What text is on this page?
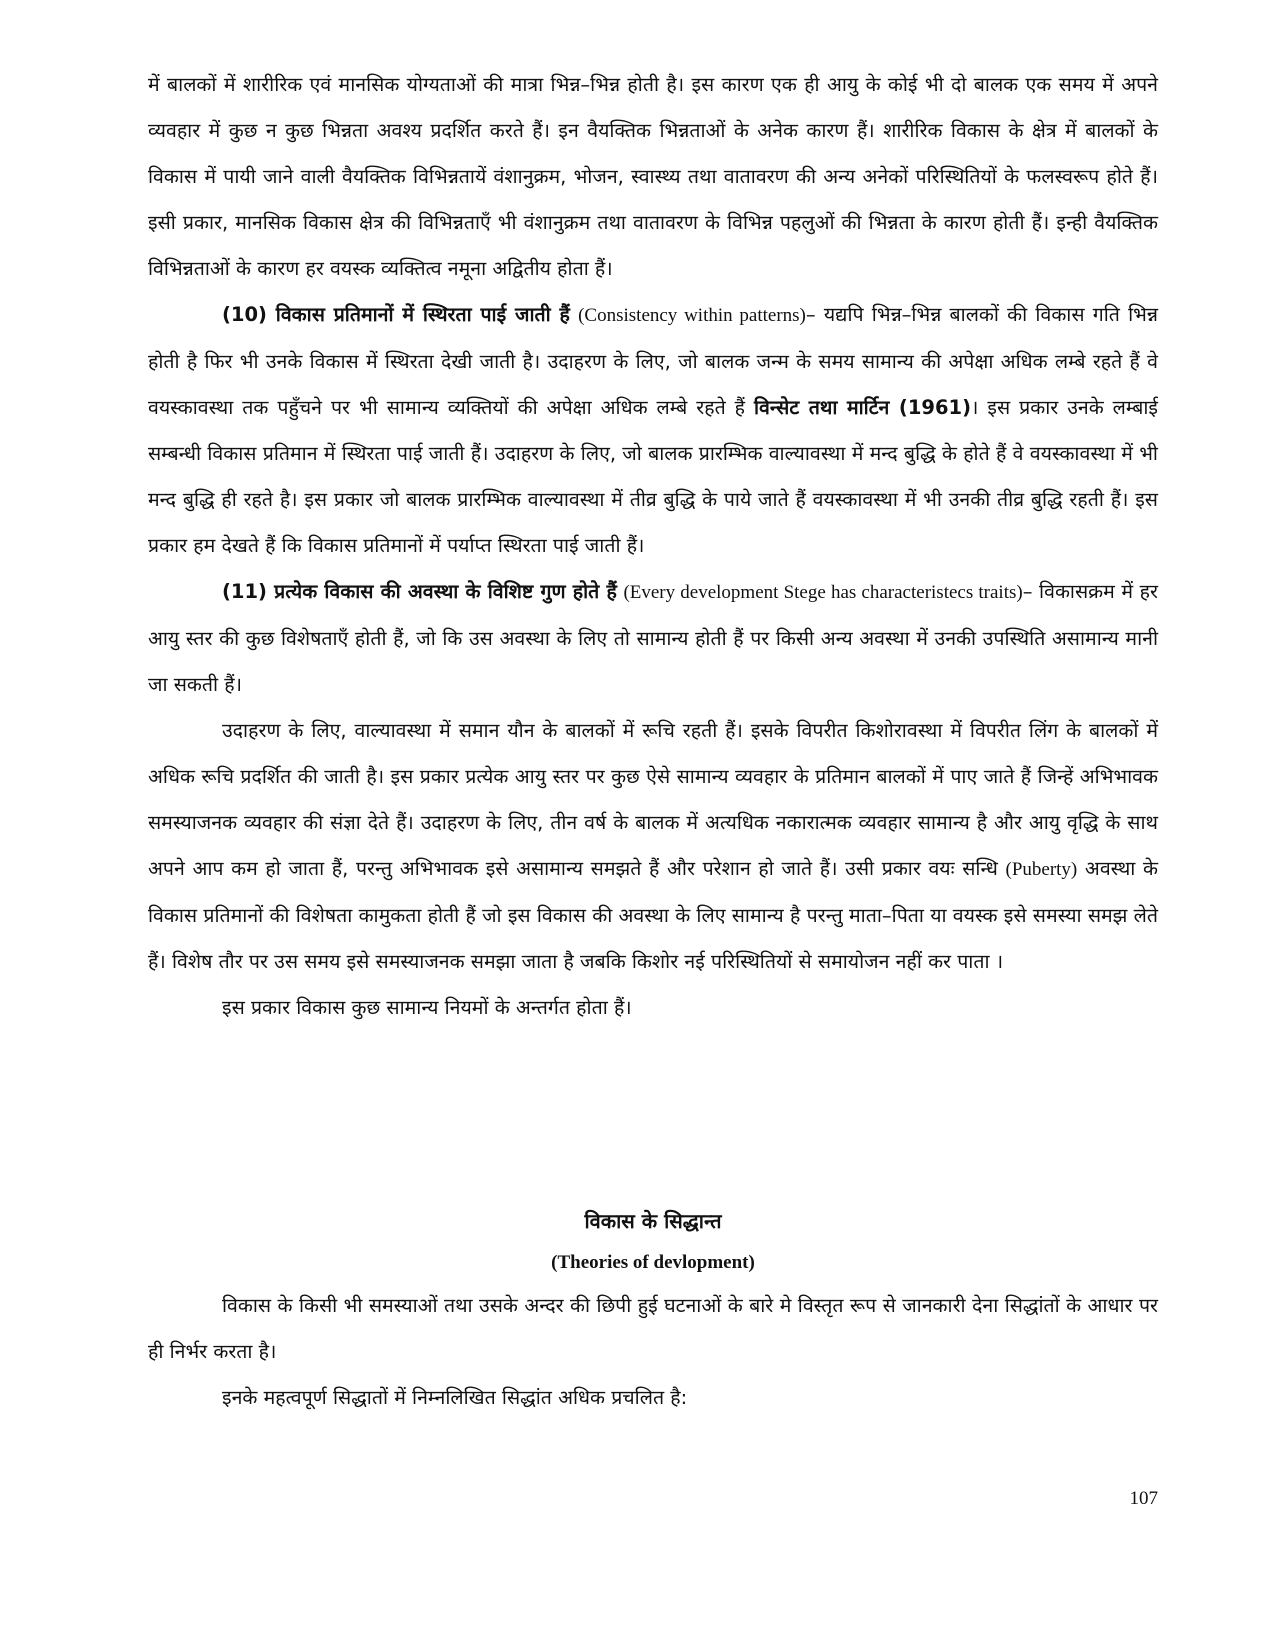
में बालकों में शारीरिक एवं मानसिक योग्यताओं की मात्रा भिन्न–भिन्न होती है। इस कारण एक ही आयु के कोई भी दो बालक एक समय में अपने व्यवहार में कुछ न कुछ भिन्नता अवश्य प्रदर्शित करते हैं। इन वैयक्तिक भिन्नताओं के अनेक कारण हैं। शारीरिक विकास के क्षेत्र में बालकों के विकास में पायी जाने वाली वैयक्तिक विभिन्नतायें वंशानुक्रम, भोजन, स्वास्थ्य तथा वातावरण की अन्य अनेकों परिस्थितियों के फलस्वरूप होते हैं। इसी प्रकार, मानसिक विकास क्षेत्र की विभिन्नताएँ भी वंशानुक्रम तथा वातावरण के विभिन्न पहलुओं की भिन्नता के कारण होती हैं। इन्ही वैयक्तिक विभिन्नताओं के कारण हर वयस्क व्यक्तित्व नमूना अद्वितीय होता हैं।

(10) विकास प्रतिमानों में स्थिरता पाई जाती हैं (Consistency within patterns)– यद्यपि भिन्न–भिन्न बालकों की विकास गति भिन्न होती है फिर भी उनके विकास में स्थिरता देखी जाती है। उदाहरण के लिए, जो बालक जन्म के समय सामान्य की अपेक्षा अधिक लम्बे रहते हैं वे वयस्कावस्था तक पहुँचने पर भी सामान्य व्यक्तियों की अपेक्षा अधिक लम्बे रहते हैं विन्सेट तथा मार्टिन (1961)। इस प्रकार उनके लम्बाई सम्बन्धी विकास प्रतिमान में स्थिरता पाई जाती हैं। उदाहरण के लिए, जो बालक प्रारम्भिक वाल्यावस्था में मन्द बुद्धि के होते हैं वे वयस्कावस्था में भी मन्द बुद्धि ही रहते है। इस प्रकार जो बालक प्रारम्भिक वाल्यावस्था में तीव्र बुद्धि के पाये जाते हैं वयस्कावस्था में भी उनकी तीव्र बुद्धि रहती हैं। इस प्रकार हम देखते हैं कि विकास प्रतिमानों में पर्याप्त स्थिरता पाई जाती हैं।

(11) प्रत्येक विकास की अवस्था के विशिष्ट गुण होते हैं (Every development Stege has characteristecs traits)– विकासक्रम में हर आयु स्तर की कुछ विशेषताएँ होती हैं, जो कि उस अवस्था के लिए तो सामान्य होती हैं पर किसी अन्य अवस्था में उनकी उपस्थिति असामान्य मानी जा सकती हैं।

उदाहरण के लिए, वाल्यावस्था में समान यौन के बालकों में रूचि रहती हैं। इसके विपरीत किशोरावस्था में विपरीत लिंग के बालकों में अधिक रूचि प्रदर्शित की जाती है। इस प्रकार प्रत्येक आयु स्तर पर कुछ ऐसे सामान्य व्यवहार के प्रतिमान बालकों में पाए जाते हैं जिन्हें अभिभावक समस्याजनक व्यवहार की संज्ञा देते हैं। उदाहरण के लिए, तीन वर्ष के बालक में अत्यधिक नकारात्मक व्यवहार सामान्य है और आयु वृद्धि के साथ अपने आप कम हो जाता हैं, परन्तु अभिभावक इसे असामान्य समझते हैं और परेशान हो जाते हैं। उसी प्रकार वयः सन्धि (Puberty) अवस्था के विकास प्रतिमानों की विशेषता कामुकता होती हैं जो इस विकास की अवस्था के लिए सामान्य है परन्तु माता–पिता या वयस्क इसे समस्या समझ लेते हैं। विशेष तौर पर उस समय इसे समस्याजनक समझा जाता है जबकि किशोर नई परिस्थितियों से समायोजन नहीं कर पाता ।

इस प्रकार विकास कुछ सामान्य नियमों के अन्तर्गत होता हैं।

विकास के सिद्धान्त
(Theories of devlopment)

विकास के किसी भी समस्याओं तथा उसके अन्दर की छिपी हुई घटनाओं के बारे मे विस्तृत रूप से जानकारी देना सिद्धांतों के आधार पर ही निर्भर करता है।

इनके महत्वपूर्ण सिद्धातों में निम्नलिखित सिद्धांत अधिक प्रचलित है:

107
